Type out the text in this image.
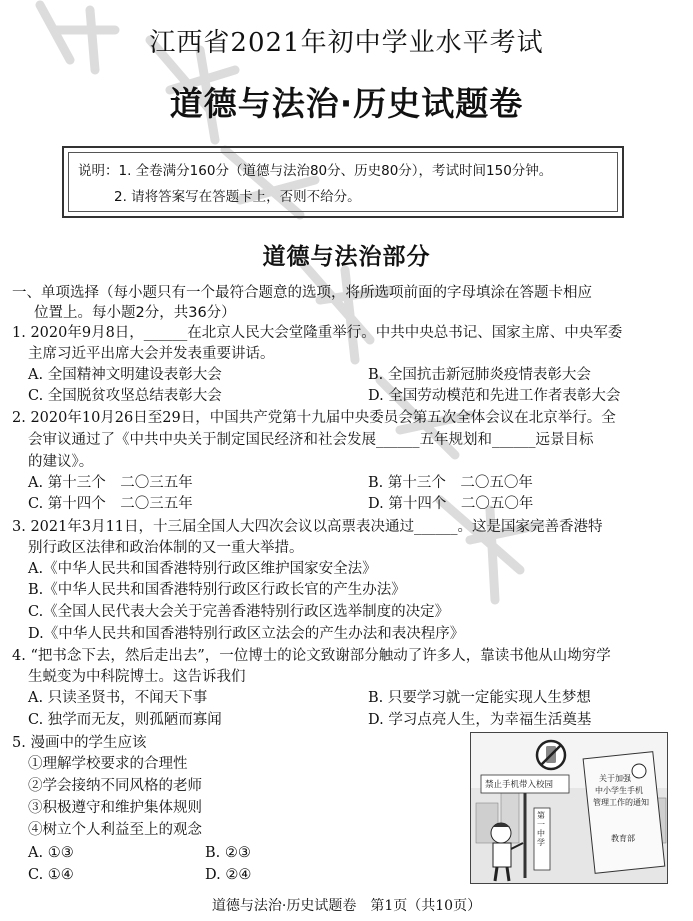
江西省2021年初中学业水平考试
道德与法治·历史试题卷
说明：1. 全卷满分160分（道德与法治80分、历史80分），考试时间150分钟。
2. 请将答案写在答题卡上，否则不给分。
道德与法治部分
一、单项选择（每小题只有一个最符合题意的选项，将所选项前面的字母填涂在答题卡相应
位置上。每小题2分，共36分）
1. 2020年9月8日，______在北京人民大会堂隆重举行。中共中央总书记、国家主席、中央军委
主席习近平出席大会并发表重要讲话。
A. 全国精神文明建设表彰大会	B. 全国抗击新冠肺炎疫情表彰大会
C. 全国脱贫攻坚总结表彰大会	D. 全国劳动模范和先进工作者表彰大会
2. 2020年10月26日至29日，中国共产党第十九届中央委员会第五次全体会议在北京举行。全
会审议通过了《中共中央关于制定国民经济和社会发展______五年规划和______远景目标
的建议》。
A. 第十三个　二〇三五年	B. 第十三个　二〇五〇年
C. 第十四个　二〇三五年	D. 第十四个　二〇五〇年
3. 2021年3月11日，十三届全国人大四次会议以高票表决通过______。这是国家完善香港特
别行政区法律和政治体制的又一重大举措。
A.《中华人民共和国香港特别行政区维护国家安全法》
B.《中华人民共和国香港特别行政区行政长官的产生办法》
C.《全国人民代表大会关于完善香港特别行政区选举制度的决定》
D.《中华人民共和国香港特别行政区立法会的产生办法和表决程序》
4. “把书念下去，然后走出去”，一位博士的论文致谢部分触动了许多人，靠读书他从山坳穷学
生蜕变为中科院博士。这告诉我们
A. 只读圣贤书，不闻天下事	B. 只要学习就一定能实现人生梦想
C. 独学而无友，则孤陋而寡闻	D. 学习点亮人生，为幸福生活奠基
5. 漫画中的学生应该
①理解学校要求的合理性
②学会接纳不同风格的老师
③积极遵守和维护集体规则
④树立个人利益至上的观念
A. ①③	B. ②③
C. ①④	D. ②④
禁止手机带入校园
第一中学
关于加强
中小学生手机
管理工作的通知
教育部
道德与法治·历史试题卷　第1页（共10页）
